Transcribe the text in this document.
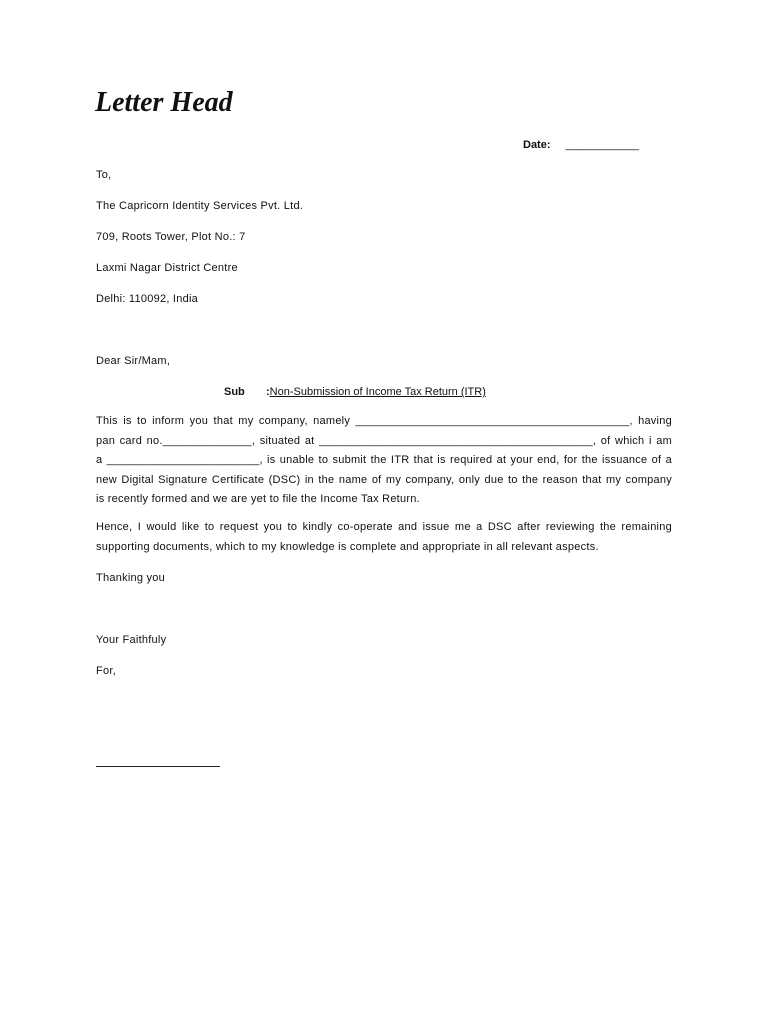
Letter Head
Date: ____________

To,

The Capricorn Identity Services Pvt. Ltd.

709, Roots Tower, Plot No.: 7

Laxmi Nagar District Centre

Delhi: 110092, India

Dear Sir/Mam,

Sub :Non-Submission of Income Tax Return (ITR)

This is to inform you that my company, namely ___________________________________________, having
pan card no.______________, situated at ___________________________________________, of which i am
a ________________________, is unable to submit the ITR that is required at your end, for the issuance of a
new Digital Signature Certificate (DSC) in the name of my company, only due to the reason that my company
is recently formed and we are yet to file the Income Tax Return.

Hence, I would like to request you to kindly co-operate and issue me a DSC after reviewing the remaining
supporting documents, which to my knowledge is complete and appropriate in all relevant aspects.

Thanking you

Your Faithfuly

For,
